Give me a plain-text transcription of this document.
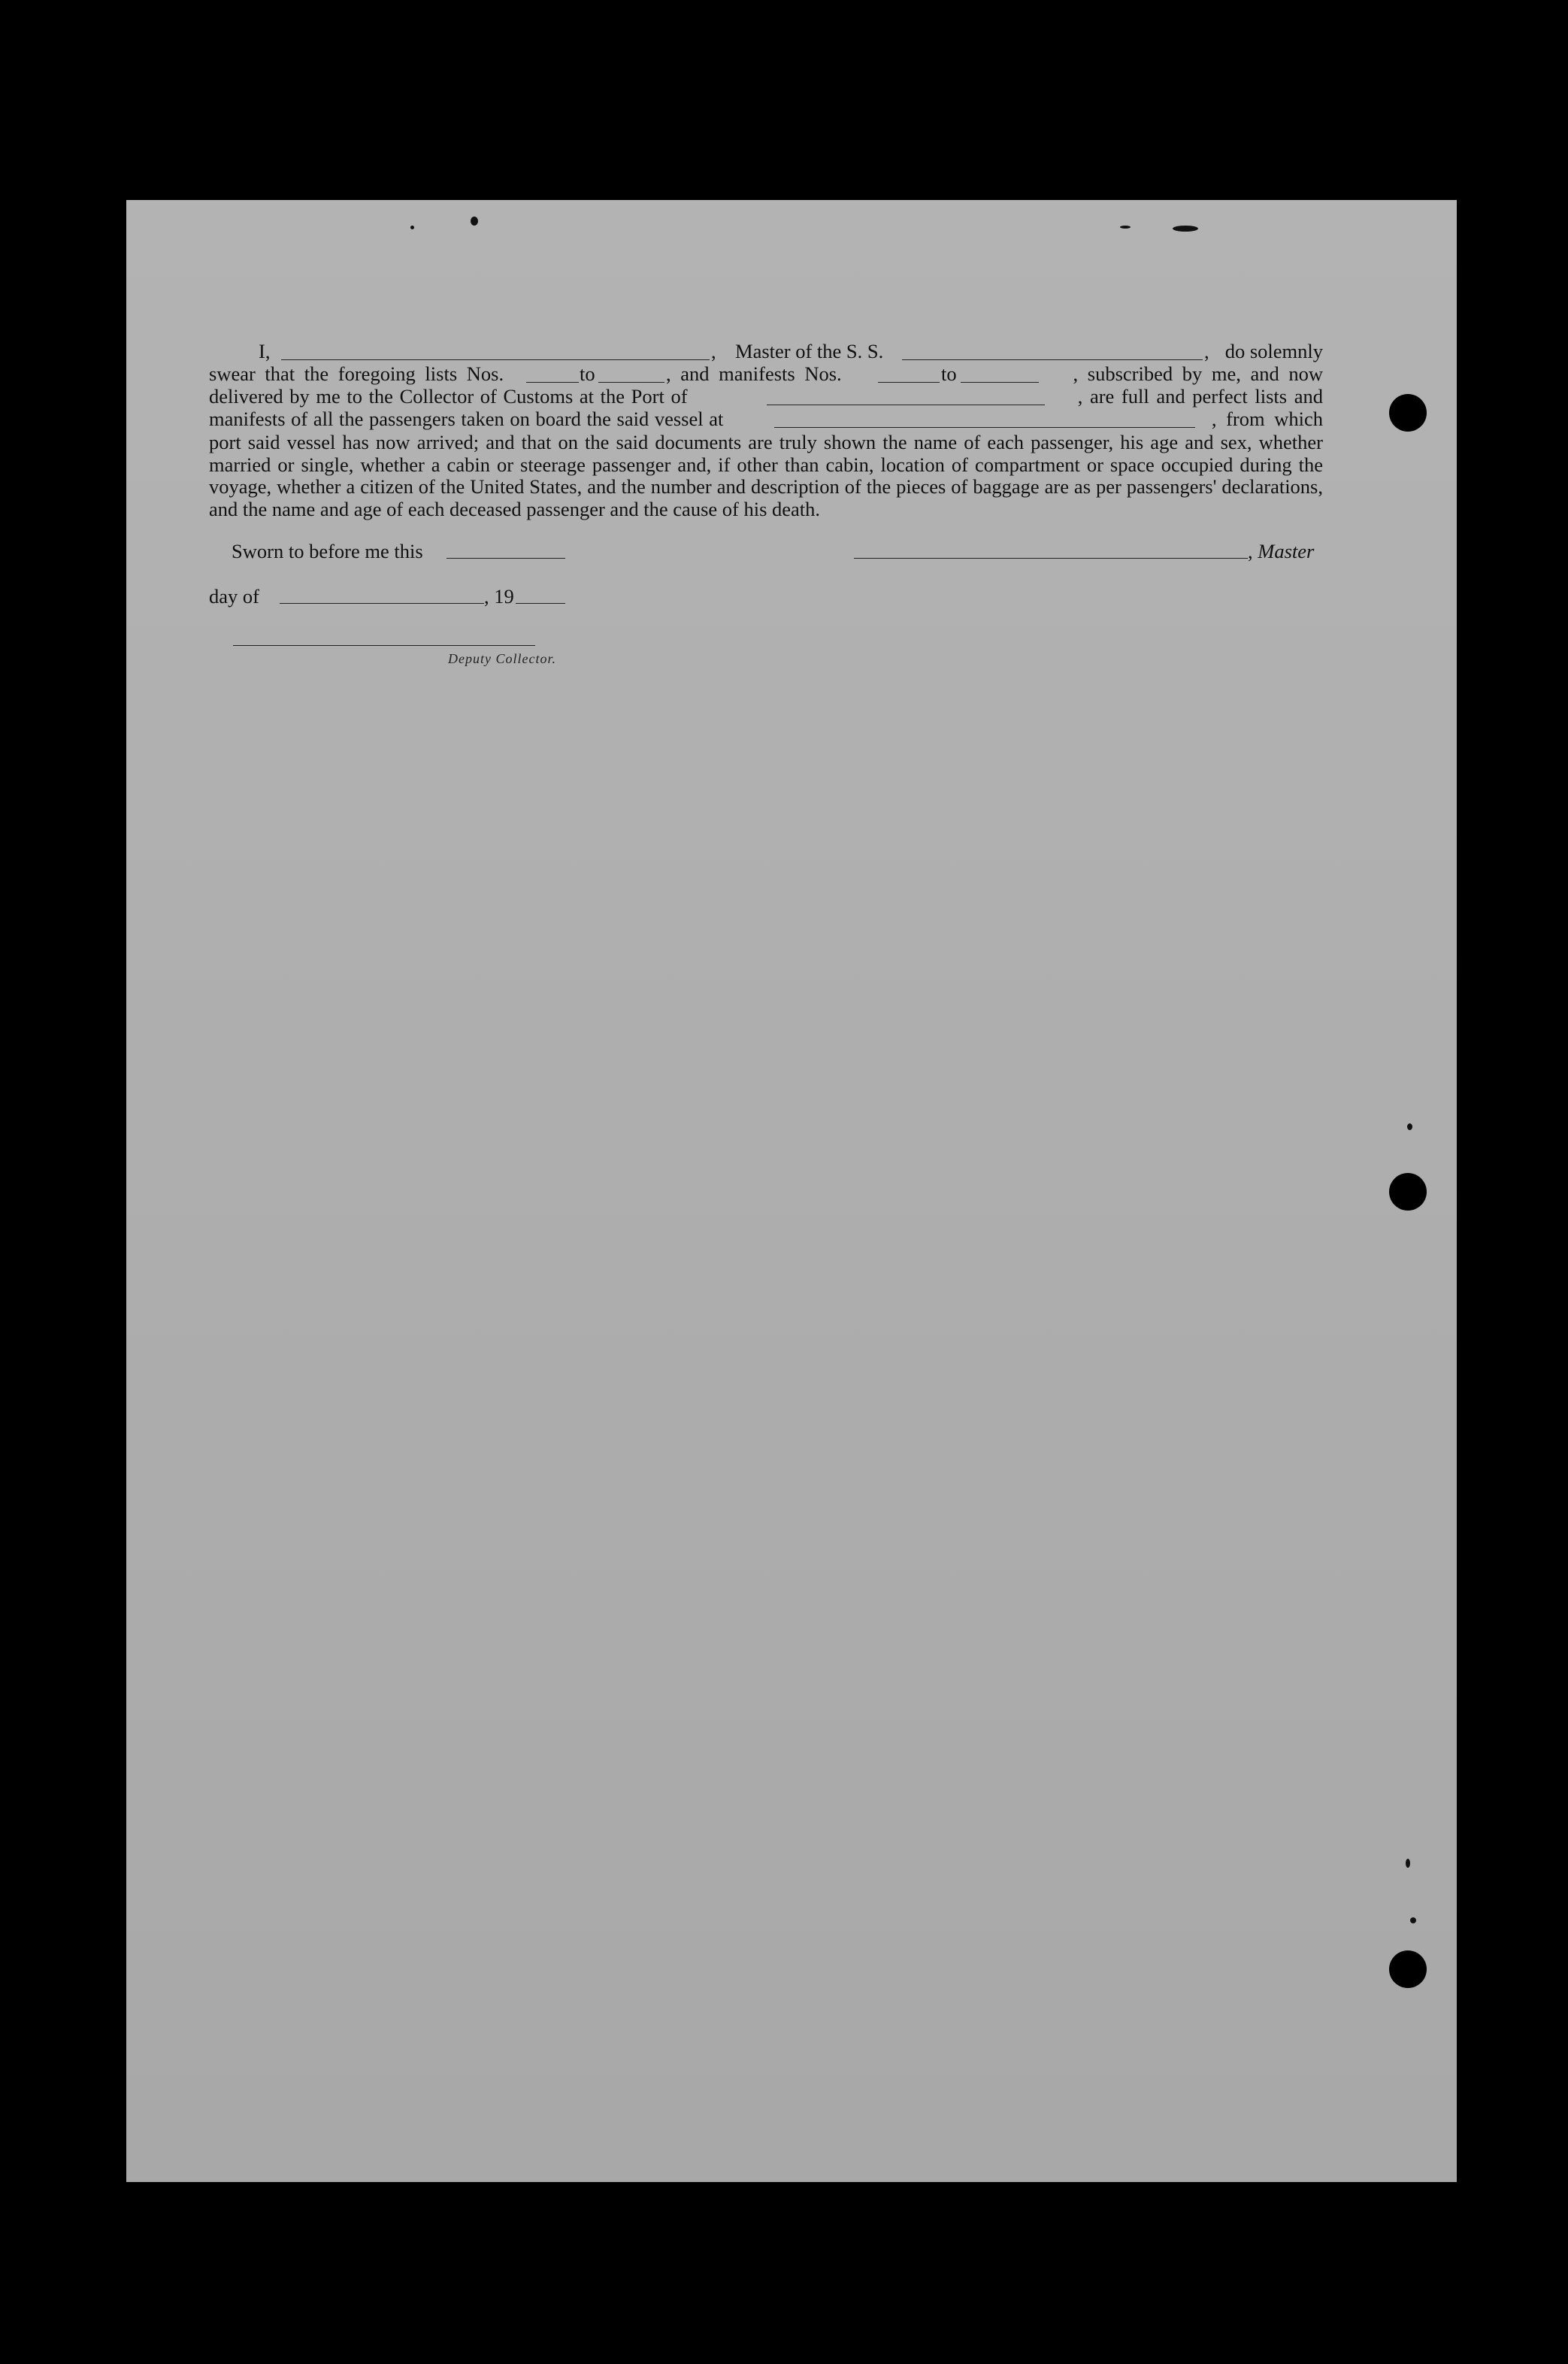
I,	, Master of the S. S.	, do solemnly
swear that the foregoing lists Nos.	to	, and manifests Nos.	to	, subscribed by me, and now
delivered by me to the Collector of Customs at the Port of	, are full and perfect lists and
manifests of all the passengers taken on board the said vessel at	, from which

port said vessel has now arrived; and that on the said documents are truly shown the name of each passenger, his age and sex, whether married or single, whether a cabin or steerage passenger and, if other than cabin, location of compartment or space occupied during the voyage, whether a citizen of the United States, and the number and description of the pieces of baggage are as per passengers' declarations, and the name and age of each deceased passenger and the cause of his death.

Sworn to before me this	, Master
day of	, 19
Deputy Collector.
